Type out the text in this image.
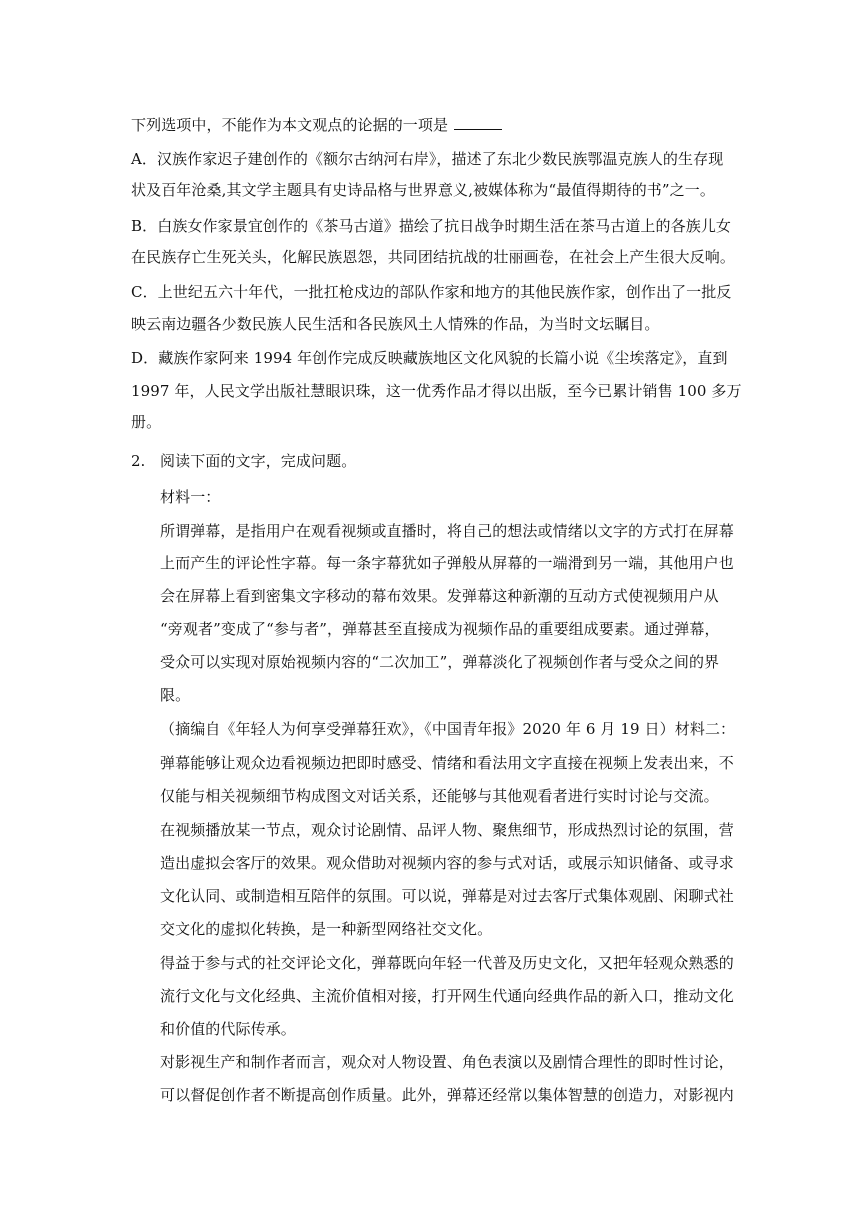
下列选项中，不能作为本文观点的论据的一项是
A．汉族作家迟子建创作的《额尔古纳河右岸》，描述了东北少数民族鄂温克族人的生存现
状及百年沧桑,其文学主题具有史诗品格与世界意义,被媒体称为“最值得期待的书”之一。
B．白族女作家景宜创作的《茶马古道》描绘了抗日战争时期生活在茶马古道上的各族儿女
在民族存亡生死关头，化解民族恩怨，共同团结抗战的壮丽画卷，在社会上产生很大反响。
C．上世纪五六十年代，一批扛枪戍边的部队作家和地方的其他民族作家，创作出了一批反
映云南边疆各少数民族人民生活和各民族风土人情殊的作品，为当时文坛瞩目。
D．藏族作家阿来 1994 年创作完成反映藏族地区文化风貌的长篇小说《尘埃落定》，直到
1997 年，人民文学出版社慧眼识珠，这一优秀作品才得以出版，至今已累计销售 100 多万
册。
2. 阅读下面的文字，完成问题。
材料一：
所谓弹幕，是指用户在观看视频或直播时，将自己的想法或情绪以文字的方式打在屏幕
上而产生的评论性字幕。每一条字幕犹如子弹般从屏幕的一端滑到另一端，其他用户也
会在屏幕上看到密集文字移动的幕布效果。发弹幕这种新潮的互动方式使视频用户从
“旁观者”变成了“参与者”，弹幕甚至直接成为视频作品的重要组成要素。通过弹幕，
受众可以实现对原始视频内容的“二次加工”，弹幕淡化了视频创作者与受众之间的界
限。
（摘编自《年轻人为何享受弹幕狂欢》，《中国青年报》2020 年 6 月 19 日）材料二：
弹幕能够让观众边看视频边把即时感受、情绪和看法用文字直接在视频上发表出来，不
仅能与相关视频细节构成图文对话关系，还能够与其他观看者进行实时讨论与交流。
在视频播放某一节点，观众讨论剧情、品评人物、聚焦细节，形成热烈讨论的氛围，营
造出虚拟会客厅的效果。观众借助对视频内容的参与式对话，或展示知识储备、或寻求
文化认同、或制造相互陪伴的氛围。可以说，弹幕是对过去客厅式集体观剧、闲聊式社
交文化的虚拟化转换，是一种新型网络社交文化。
得益于参与式的社交评论文化，弹幕既向年轻一代普及历史文化，又把年轻观众熟悉的
流行文化与文化经典、主流价值相对接，打开网生代通向经典作品的新入口，推动文化
和价值的代际传承。
对影视生产和制作者而言，观众对人物设置、角色表演以及剧情合理性的即时性讨论，
可以督促创作者不断提高创作质量。此外，弹幕还经常以集体智慧的创造力，对影视内
